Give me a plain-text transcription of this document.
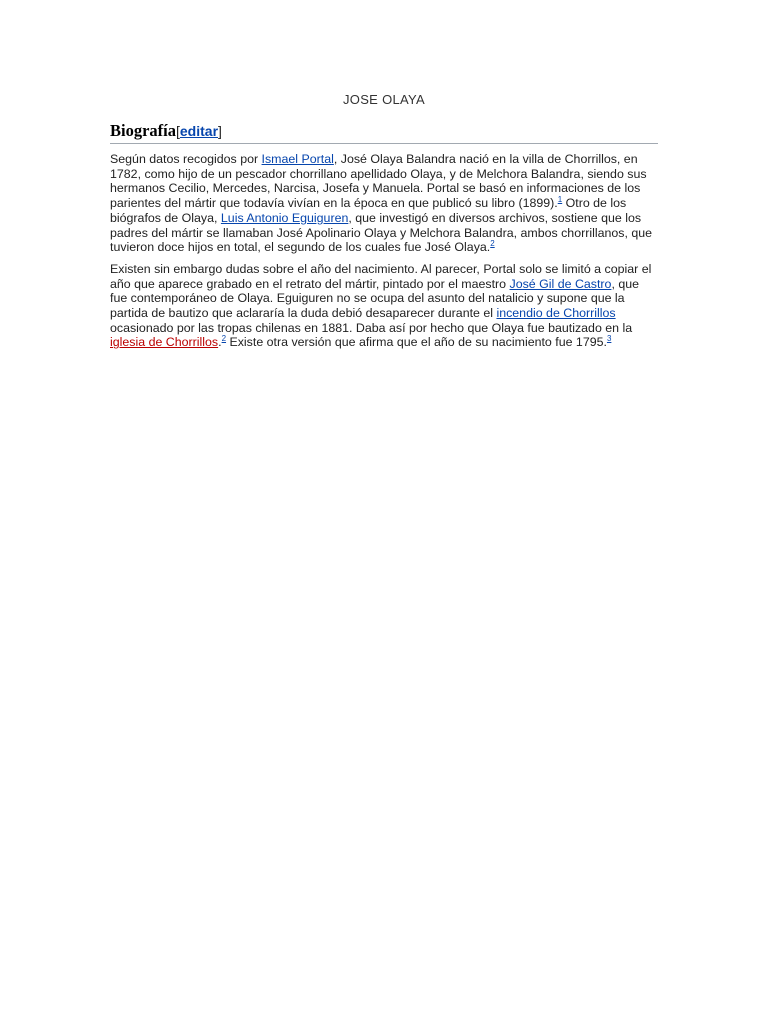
JOSE OLAYA
Biografía[editar]

Según datos recogidos por Ismael Portal, José Olaya Balandra nació en la villa de Chorrillos, en 1782, como hijo de un pescador chorrillano apellidado Olaya, y de Melchora Balandra, siendo sus hermanos Cecilio, Mercedes, Narcisa, Josefa y Manuela. Portal se basó en informaciones de los parientes del mártir que todavía vivían en la época en que publicó su libro (1899).$^1$ Otro de los biógrafos de Olaya, Luis Antonio Eguiguren, que investigó en diversos archivos, sostiene que los padres del mártir se llamaban José Apolinario Olaya y Melchora Balandra, ambos chorrillanos, que tuvieron doce hijos en total, el segundo de los cuales fue José Olaya.$^2$

Existen sin embargo dudas sobre el año del nacimiento. Al parecer, Portal solo se limitó a copiar el año que aparece grabado en el retrato del mártir, pintado por el maestro José Gil de Castro, que fue contemporáneo de Olaya. Eguiguren no se ocupa del asunto del natalicio y supone que la partida de bautizo que aclararía la duda debió desaparecer durante el incendio de Chorrillos ocasionado por las tropas chilenas en 1881. Daba así por hecho que Olaya fue bautizado en la iglesia de Chorrillos.$^2$ Existe otra versión que afirma que el año de su nacimiento fue 1795.$^3$
